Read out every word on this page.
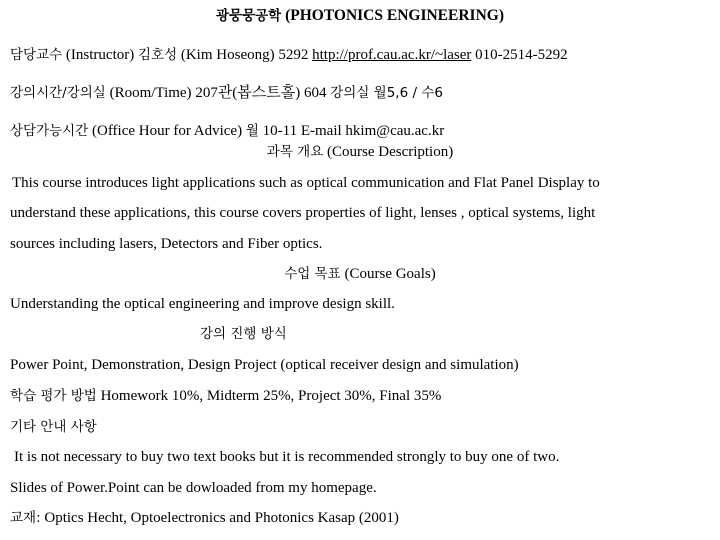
광뭉뭉공학 (PHOTONICS ENGINEERING)
담당교수 (Instructor) 김호성 (Kim Hoseong) 5292 http://prof.cau.ac.kr/~laser 010-2514-5292
강의시간/강의실 (Room/Time) 207관(봅스트홀) 604 강의실 월5,6 / 수6
상담가능시간 (Office Hour for Advice) 월 10-11 E-mail hkim@cau.ac.kr
과목 개요 (Course Description)
This course introduces light applications such as optical communication and Flat Panel Display to
understand these applications, this course covers properties of light, lenses , optical systems, light
sources including lasers, Detectors and Fiber optics.
수업 목표 (Course Goals)
Understanding the optical engineering and improve design skill.
강의 진행 방식
Power Point, Demonstration, Design Project (optical receiver design and simulation)
학습 평가 방법 Homework 10%, Midterm 25%, Project 30%, Final 35%
기타 안내 사항
It is not necessary to buy two text books but it is recommended strongly to buy one of two.
Slides of Power.Point can be dowloaded from my homepage.
교재: Optics Hecht, Optoelectronics and Photonics Kasap (2001)
